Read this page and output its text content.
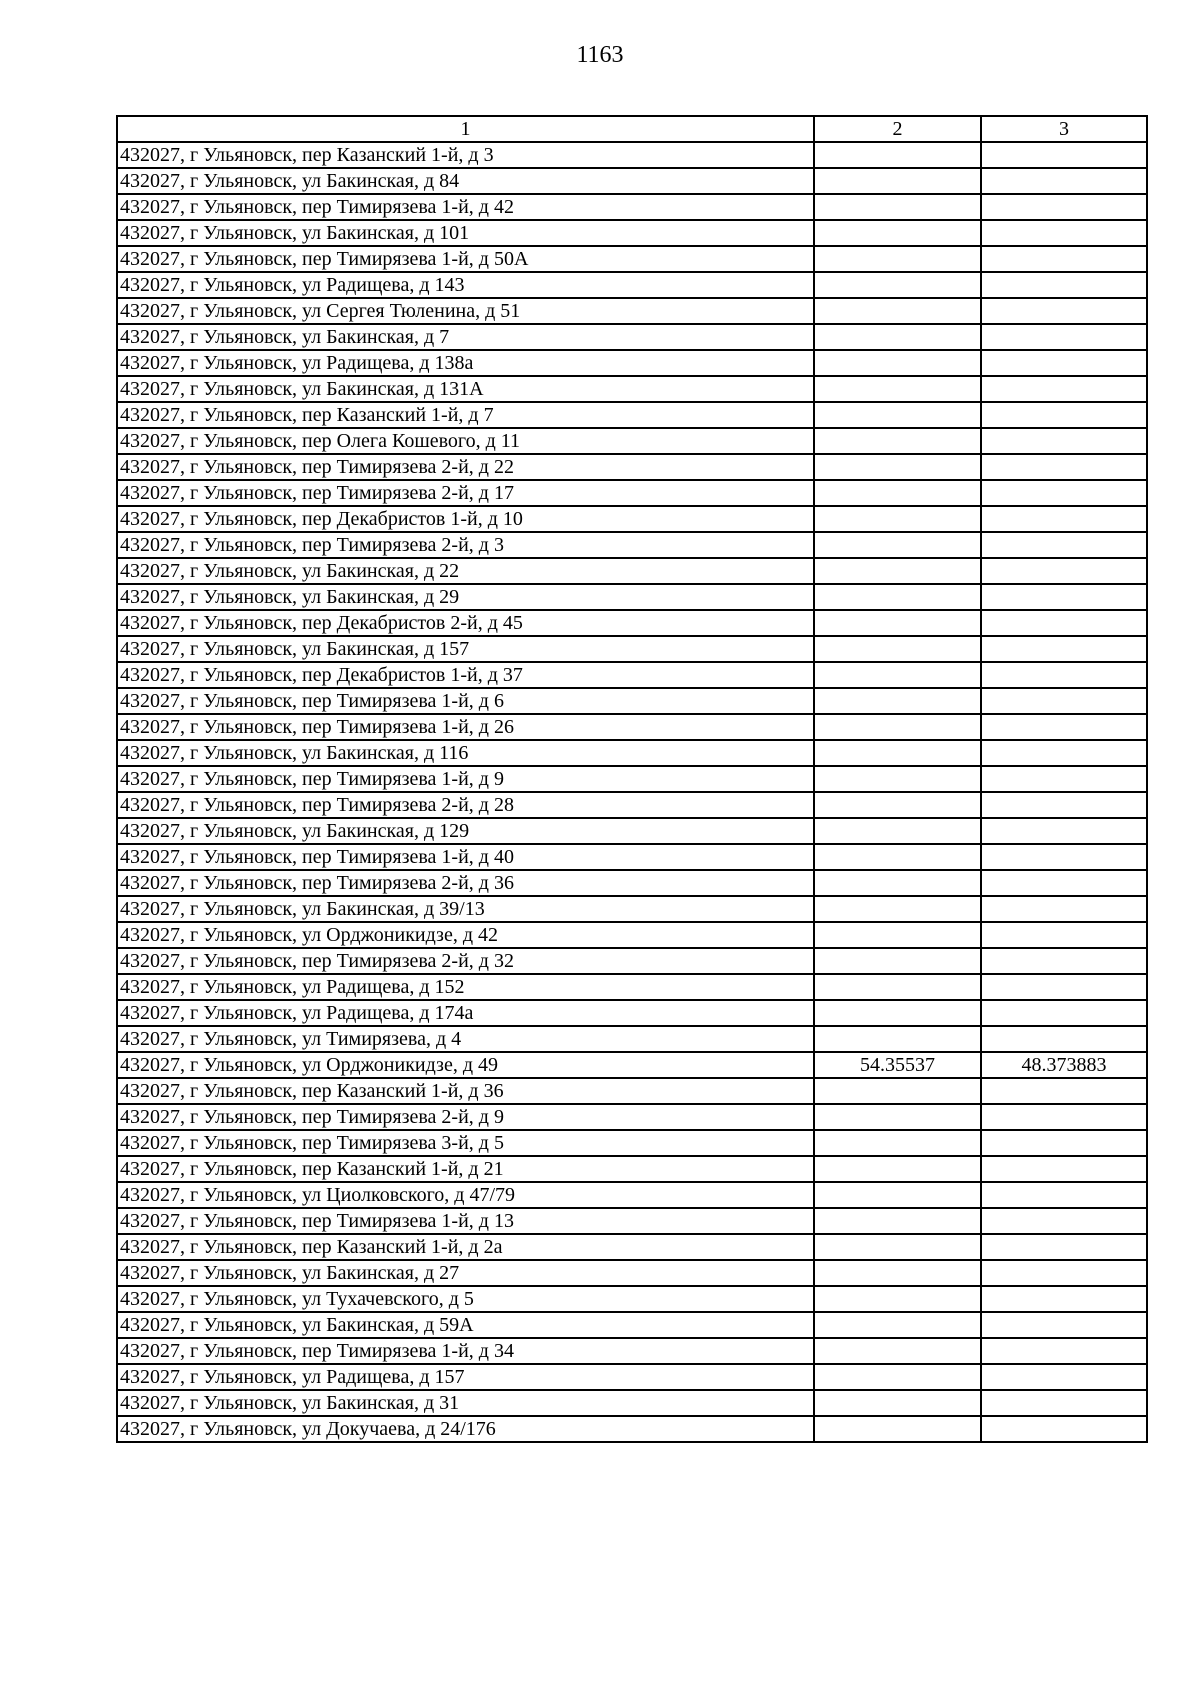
1163
1	2	3
432027, г Ульяновск, пер Казанский 1-й, д 3		
432027, г Ульяновск, ул Бакинская, д 84		
432027, г Ульяновск, пер Тимирязева 1-й, д 42		
432027, г Ульяновск, ул Бакинская, д 101		
432027, г Ульяновск, пер Тимирязева 1-й, д 50А		
432027, г Ульяновск, ул Радищева, д 143		
432027, г Ульяновск, ул Сергея Тюленина, д 51		
432027, г Ульяновск, ул Бакинская, д 7		
432027, г Ульяновск, ул Радищева, д 138а		
432027, г Ульяновск, ул Бакинская, д 131А		
432027, г Ульяновск, пер Казанский 1-й, д 7		
432027, г Ульяновск, пер Олега Кошевого, д 11		
432027, г Ульяновск, пер Тимирязева 2-й, д 22		
432027, г Ульяновск, пер Тимирязева 2-й, д 17		
432027, г Ульяновск, пер Декабристов 1-й, д 10		
432027, г Ульяновск, пер Тимирязева 2-й, д 3		
432027, г Ульяновск, ул Бакинская, д 22		
432027, г Ульяновск, ул Бакинская, д 29		
432027, г Ульяновск, пер Декабристов 2-й, д 45		
432027, г Ульяновск, ул Бакинская, д 157		
432027, г Ульяновск, пер Декабристов 1-й, д 37		
432027, г Ульяновск, пер Тимирязева 1-й, д 6		
432027, г Ульяновск, пер Тимирязева 1-й, д 26		
432027, г Ульяновск, ул Бакинская, д 116		
432027, г Ульяновск, пер Тимирязева 1-й, д 9		
432027, г Ульяновск, пер Тимирязева 2-й, д 28		
432027, г Ульяновск, ул Бакинская, д 129		
432027, г Ульяновск, пер Тимирязева 1-й, д 40		
432027, г Ульяновск, пер Тимирязева 2-й, д 36		
432027, г Ульяновск, ул Бакинская, д 39/13		
432027, г Ульяновск, ул Орджоникидзе, д 42		
432027, г Ульяновск, пер Тимирязева 2-й, д 32		
432027, г Ульяновск, ул Радищева, д 152		
432027, г Ульяновск, ул Радищева, д 174а		
432027, г Ульяновск, ул Тимирязева, д 4		
432027, г Ульяновск, ул Орджоникидзе, д 49	54.35537	48.373883
432027, г Ульяновск, пер Казанский 1-й, д 36		
432027, г Ульяновск, пер Тимирязева 2-й, д 9		
432027, г Ульяновск, пер Тимирязева 3-й, д 5		
432027, г Ульяновск, пер Казанский 1-й, д 21		
432027, г Ульяновск, ул Циолковского, д 47/79		
432027, г Ульяновск, пер Тимирязева 1-й, д 13		
432027, г Ульяновск, пер Казанский 1-й, д 2а		
432027, г Ульяновск, ул Бакинская, д 27		
432027, г Ульяновск, ул Тухачевского, д 5		
432027, г Ульяновск, ул Бакинская, д 59А		
432027, г Ульяновск, пер Тимирязева 1-й, д 34		
432027, г Ульяновск, ул Радищева, д 157		
432027, г Ульяновск, ул Бакинская, д 31		
432027, г Ульяновск, ул Докучаева, д 24/176		
